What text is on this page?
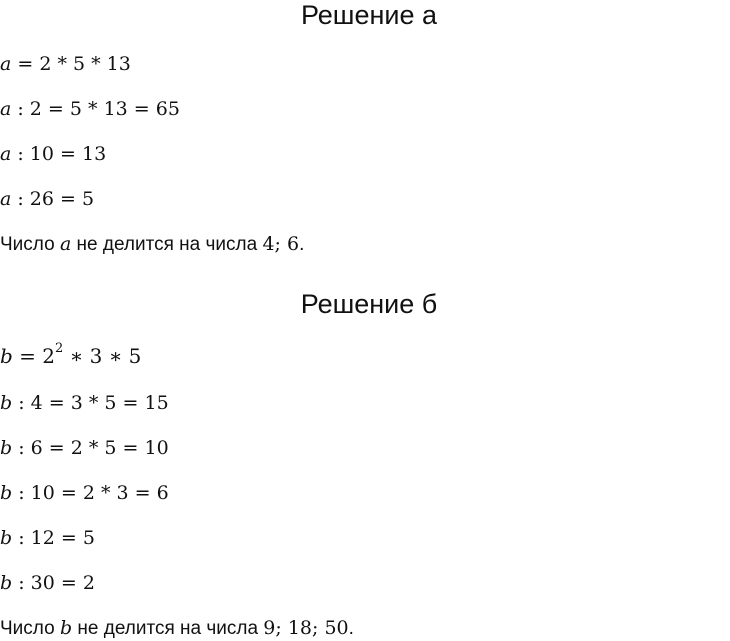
Решение а
a = 2 * 5 * 13
a : 2 = 5 * 13 = 65
a : 10 = 13
a : 26 = 5
Число a не делится на числа 4; 6.
Решение б
$b = 2^2$ ∗ 3 ∗ 5
b : 4 = 3 * 5 = 15
b : 6 = 2 * 5 = 10
b : 10 = 2 * 3 = 6
b : 12 = 5
b : 30 = 2
Число b не делится на числа 9; 18; 50.
